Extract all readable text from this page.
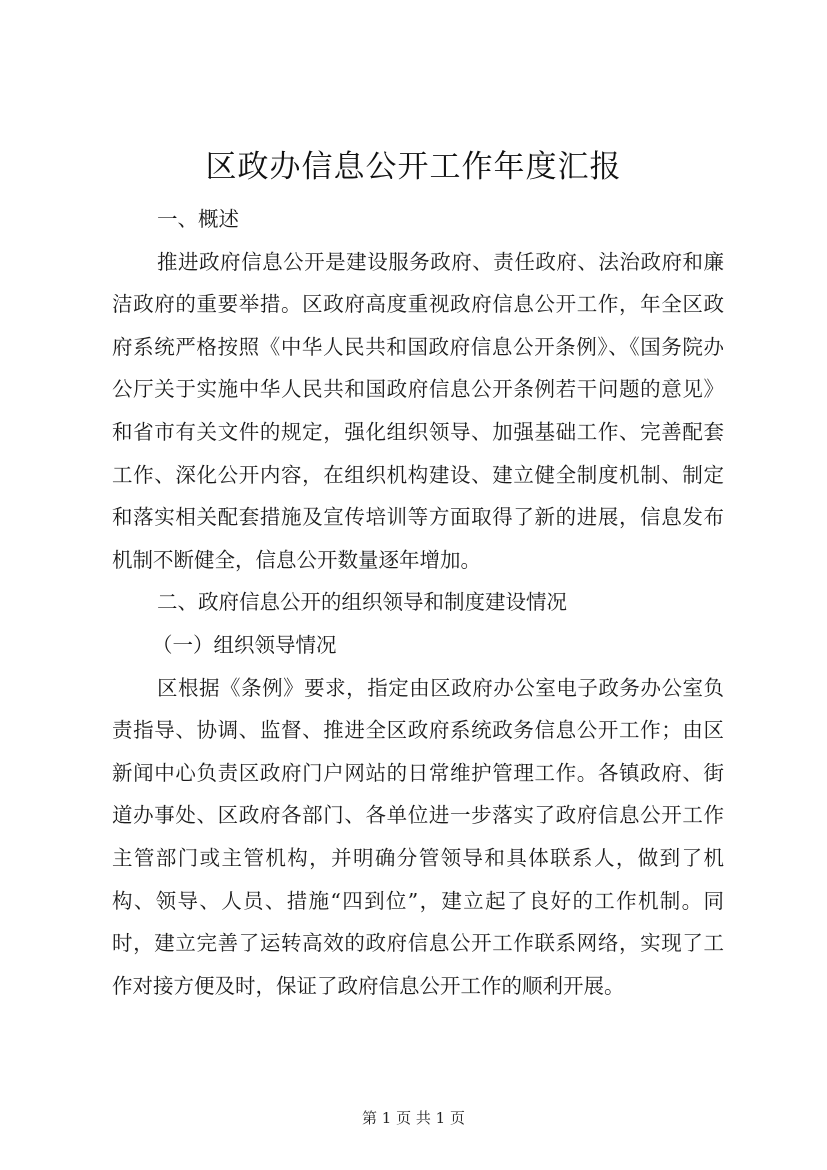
区政办信息公开工作年度汇报

一、概述

推进政府信息公开是建设服务政府、责任政府、法治政府和廉洁政府的重要举措。区政府高度重视政府信息公开工作，年全区政府系统严格按照《中华人民共和国政府信息公开条例》、《国务院办公厅关于实施中华人民共和国政府信息公开条例若干问题的意见》和省市有关文件的规定，强化组织领导、加强基础工作、完善配套工作、深化公开内容，在组织机构建设、建立健全制度机制、制定和落实相关配套措施及宣传培训等方面取得了新的进展，信息发布机制不断健全，信息公开数量逐年增加。

二、政府信息公开的组织领导和制度建设情况

（一）组织领导情况

区根据《条例》要求，指定由区政府办公室电子政务办公室负责指导、协调、监督、推进全区政府系统政务信息公开工作；由区新闻中心负责区政府门户网站的日常维护管理工作。各镇政府、街道办事处、区政府各部门、各单位进一步落实了政府信息公开工作主管部门或主管机构，并明确分管领导和具体联系人，做到了机构、领导、人员、措施“四到位”，建立起了良好的工作机制。同时，建立完善了运转高效的政府信息公开工作联系网络，实现了工作对接方便及时，保证了政府信息公开工作的顺利开展。

第 1 页 共 1 页
